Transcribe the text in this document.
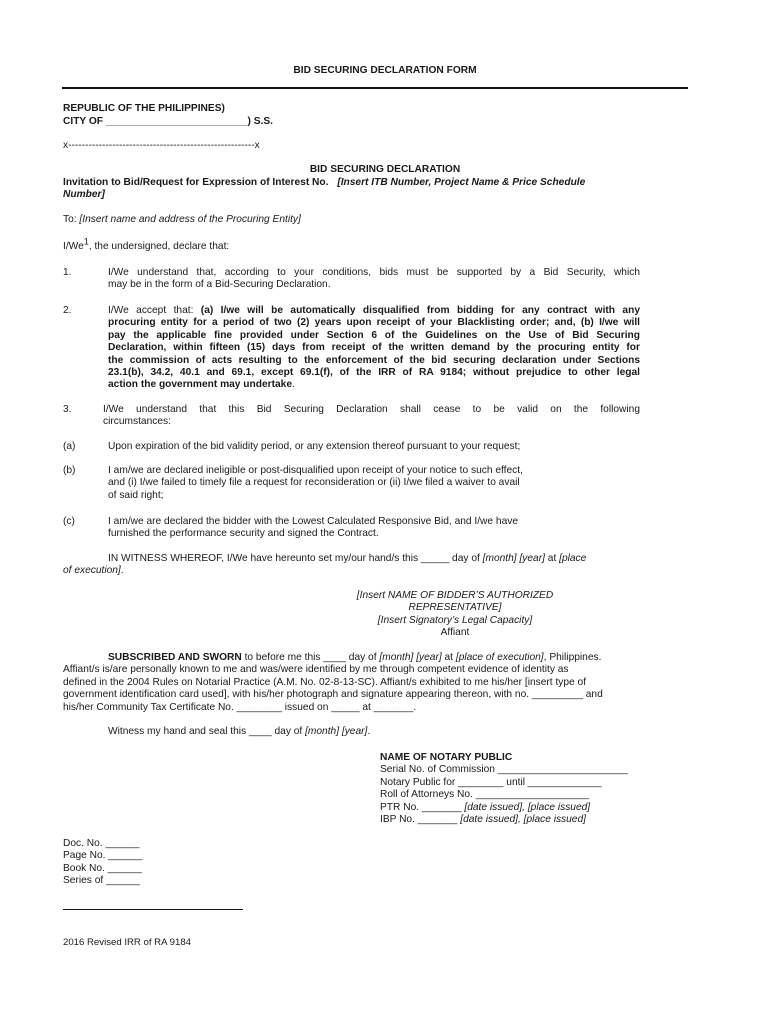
BID SECURING DECLARATION FORM
REPUBLIC OF THE PHILIPPINES)
CITY OF _________________________) S.S.
x-------------------------------------------------------x
BID SECURING DECLARATION
Invitation to Bid/Request for Expression of Interest No. [Insert ITB Number, Project Name & Price Schedule
Number]
To: [Insert name and address of the Procuring Entity]
I/We$^1$, the undersigned, declare that:
1.	I/We understand that, according to your conditions, bids must be supported by a Bid Security, which
may be in the form of a Bid-Securing Declaration.
2.	I/We accept that: (a) I/we will be automatically disqualified from bidding for any contract with any
procuring entity for a period of two (2) years upon receipt of your Blacklisting order; and, (b) I/we will
pay the applicable fine provided under Section 6 of the Guidelines on the Use of Bid Securing
Declaration, within fifteen (15) days from receipt of the written demand by the procuring entity for
the commission of acts resulting to the enforcement of the bid securing declaration under Sections
23.1(b), 34.2, 40.1 and 69.1, except 69.1(f), of the IRR of RA 9184; without prejudice to other legal
action the government may undertake.
3.	I/We understand that this Bid Securing Declaration shall cease to be valid on the following
circumstances:
(a)	Upon expiration of the bid validity period, or any extension thereof pursuant to your request;
(b)	I am/we are declared ineligible or post-disqualified upon receipt of your notice to such effect,
and (i) I/we failed to timely file a request for reconsideration or (ii) I/we filed a waiver to avail
of said right;
(c)	I am/we are declared the bidder with the Lowest Calculated Responsive Bid, and I/we have
furnished the performance security and signed the Contract.
IN WITNESS WHEREOF, I/We have hereunto set my/our hand/s this _____ day of [month] [year] at [place
of execution].
[Insert NAME OF BIDDER’S AUTHORIZED
REPRESENTATIVE]
[Insert Signatory’s Legal Capacity]
Affiant
SUBSCRIBED AND SWORN to before me this ____ day of [month] [year] at [place of execution], Philippines.
Affiant/s is/are personally known to me and was/were identified by me through competent evidence of identity as
defined in the 2004 Rules on Notarial Practice (A.M. No. 02-8-13-SC). Affiant/s exhibited to me his/her [insert type of
government identification card used], with his/her photograph and signature appearing thereon, with no. _________ and
his/her Community Tax Certificate No. ________ issued on _____ at _______.
Witness my hand and seal this ____ day of [month] [year].
NAME OF NOTARY PUBLIC
Serial No. of Commission _______________________
Notary Public for ________ until _____________
Roll of Attorneys No. ____________________
PTR No. _______ [date issued], [place issued]
IBP No. _______ [date issued], [place issued]
Doc. No. ______
Page No. ______
Book No. ______
Series of ______
2016 Revised IRR of RA 9184
